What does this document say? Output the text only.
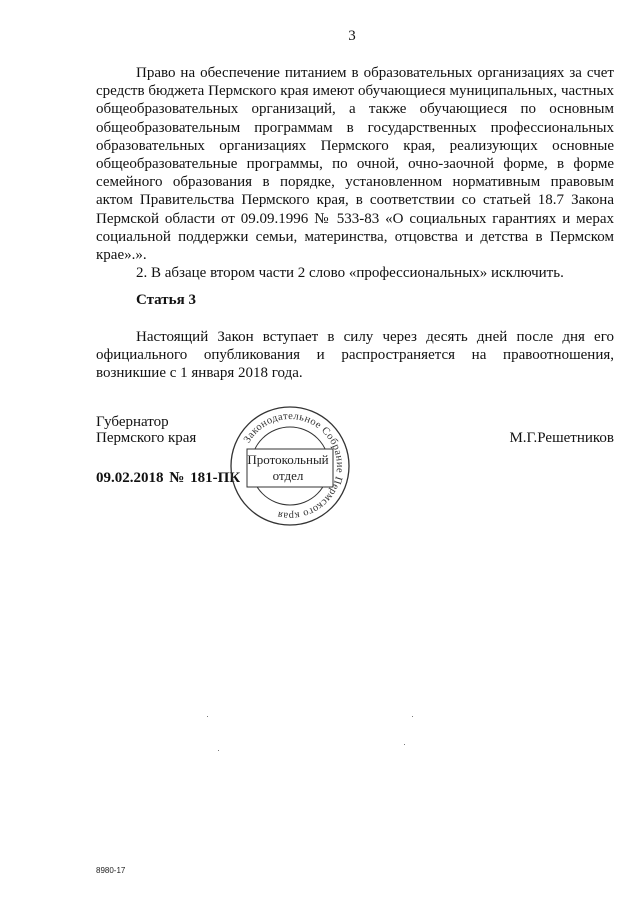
3

Право на обеспечение питанием в образовательных организациях за счет средств бюджета Пермского края имеют обучающиеся муниципальных, частных общеобразовательных организаций, а также обучающиеся по основным общеобразовательным программам в государственных профессиональных образовательных организациях Пермского края, реализующих основные общеобразовательные программы, по очной, очно-заочной форме, в форме семейного образования в порядке, установленном нормативным правовым актом Правительства Пермского края, в соответствии со статьей 18.7 Закона Пермской области от 09.09.1996 № 533-83 «О социальных гарантиях и мерах социальной поддержки семьи, материнства, отцовства и детства в Пермском крае».».

2. В абзаце втором части 2 слово «профессиональных» исключить.

Статья 3

Настоящий Закон вступает в силу через десять дней после дня его официального опубликования и распространяется на правоотношения, возникшие с 1 января 2018 года.

Губернатор
Пермского края	М.Г.Решетников
09.02.2018 № 181-ПК
Законодательное Собрание Пермского края
Протокольный
отдел
8980-17
